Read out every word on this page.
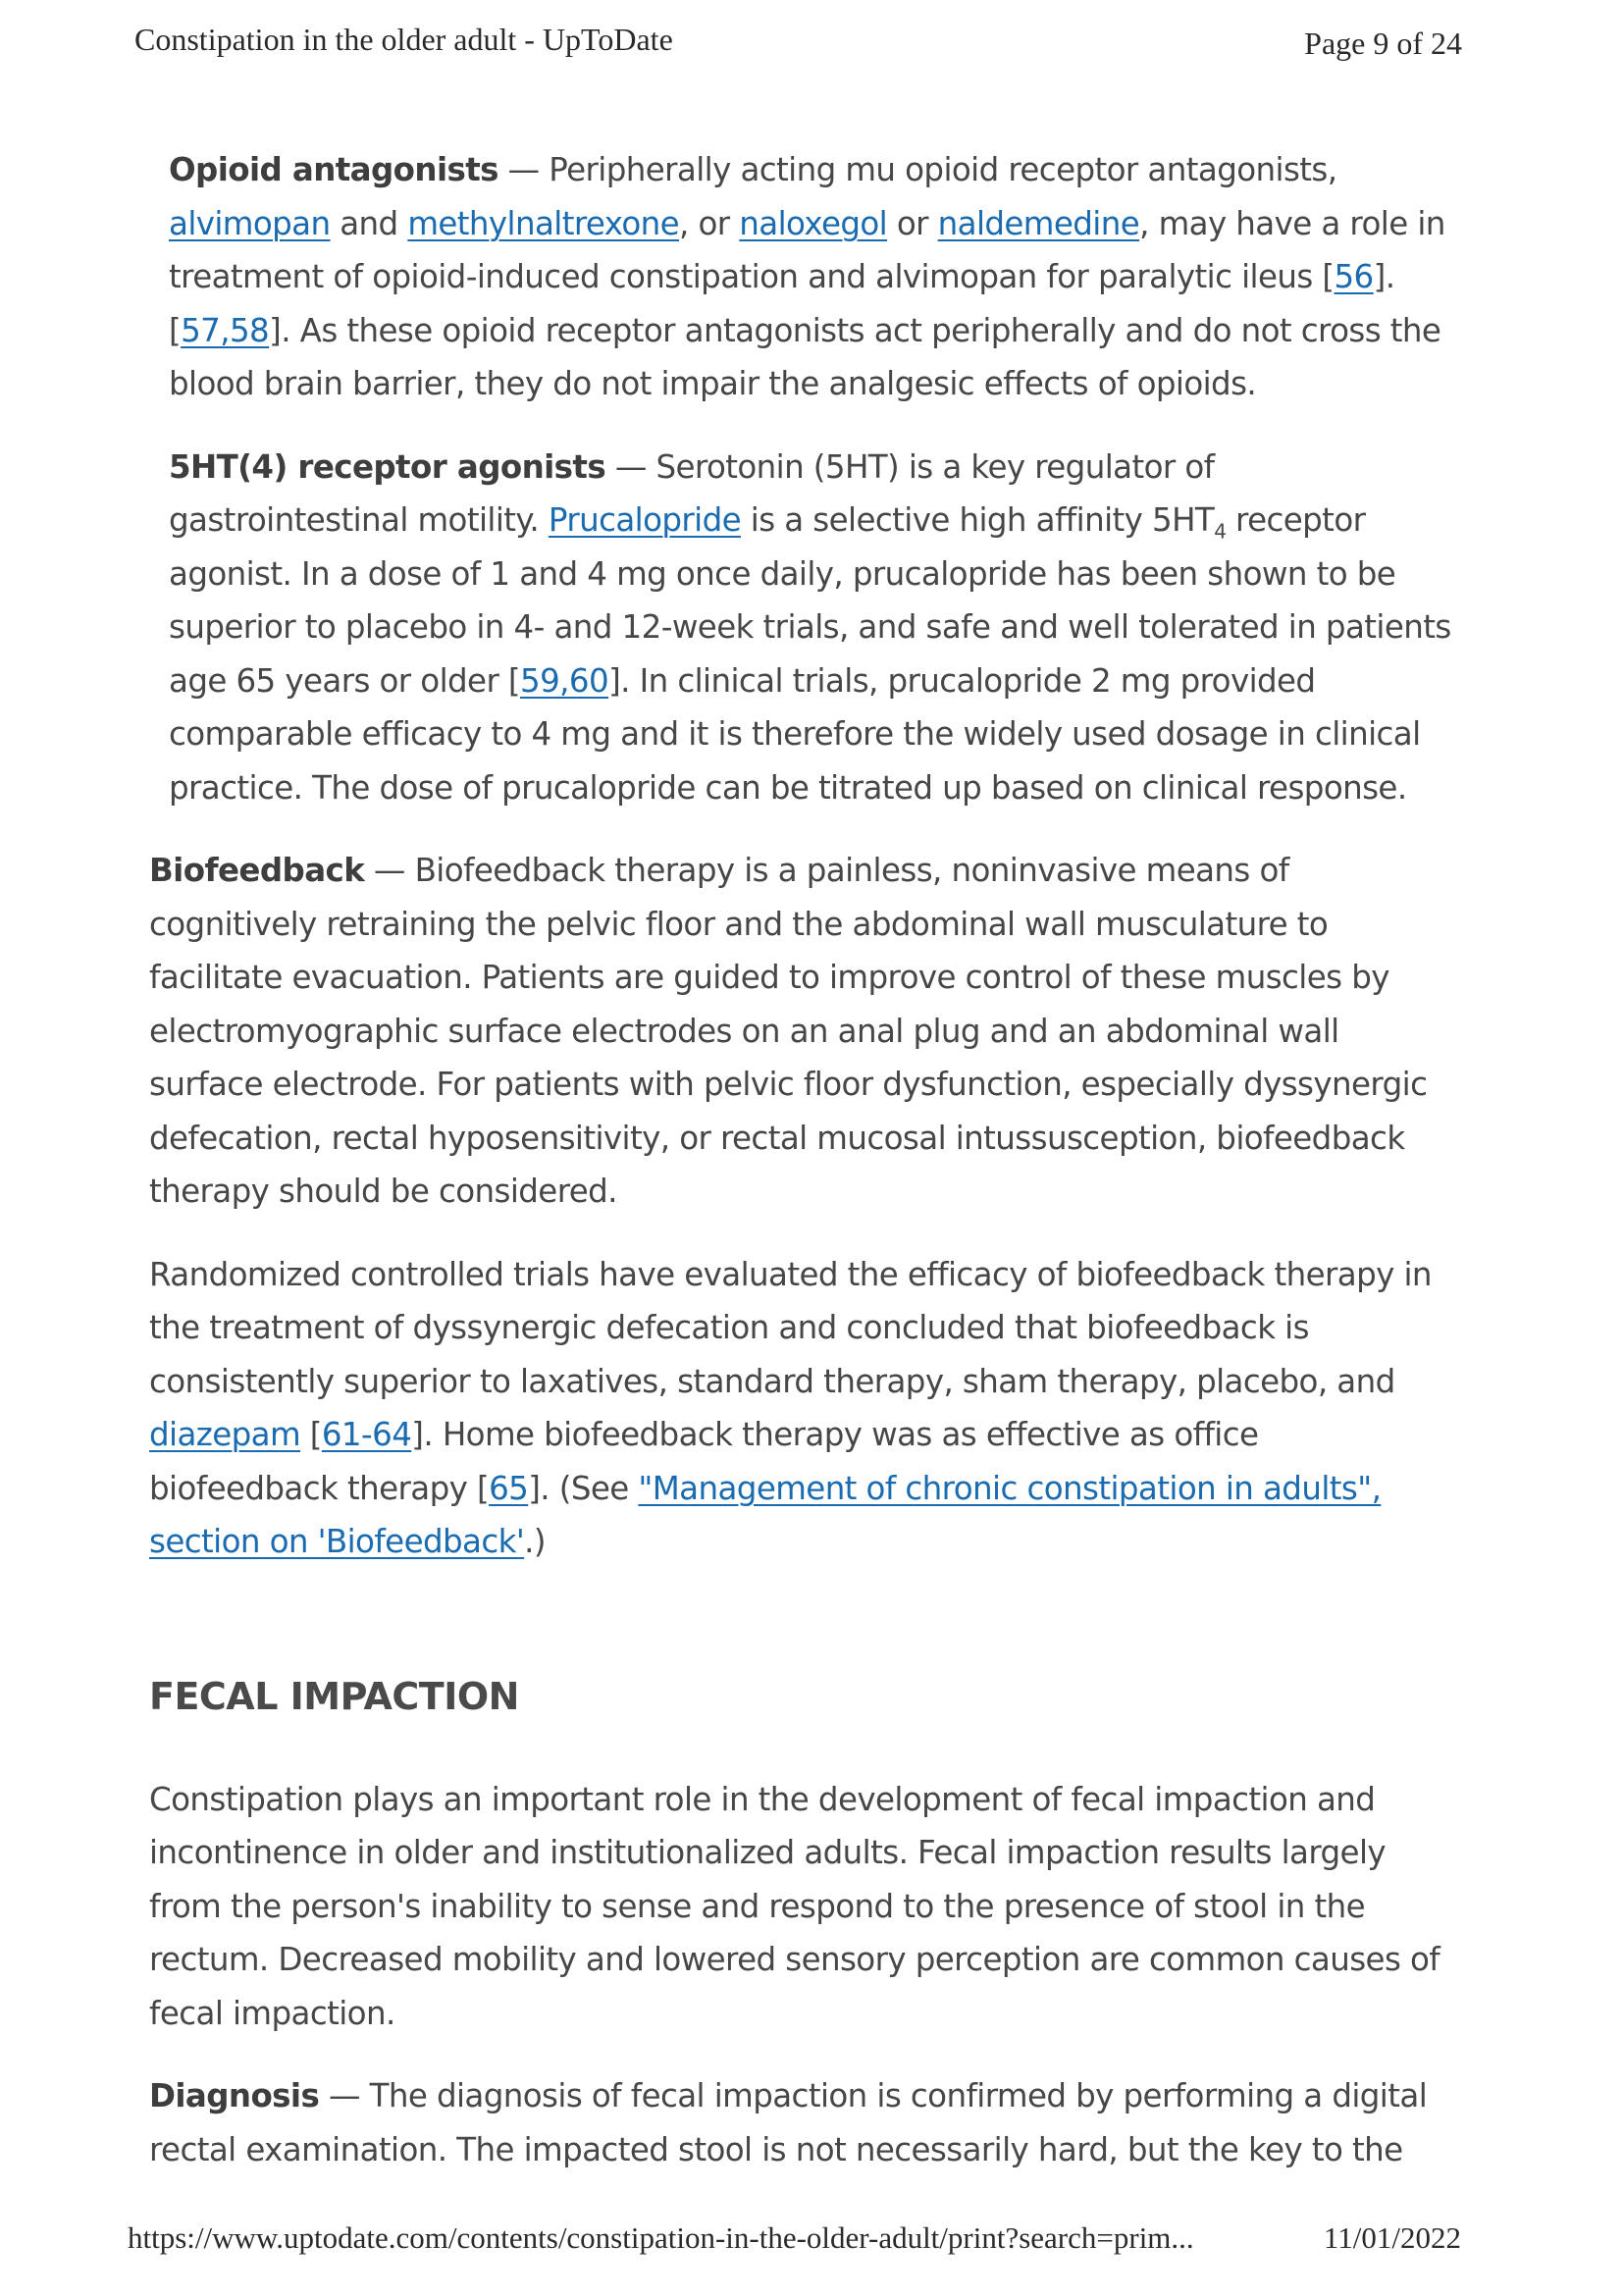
Constipation in the older adult - UpToDate	Page 9 of 24

Opioid antagonists — Peripherally acting mu opioid receptor antagonists, alvimopan and methylnaltrexone, or naloxegol or naldemedine, may have a role in treatment of opioid-induced constipation and alvimopan for paralytic ileus [56]. [57,58]. As these opioid receptor antagonists act peripherally and do not cross the blood brain barrier, they do not impair the analgesic effects of opioids.

5HT(4) receptor agonists — Serotonin (5HT) is a key regulator of gastrointestinal motility. Prucalopride is a selective high affinity $5HT_4$ receptor agonist. In a dose of 1 and 4 mg once daily, prucalopride has been shown to be superior to placebo in 4- and 12-week trials, and safe and well tolerated in patients age 65 years or older [59,60]. In clinical trials, prucalopride 2 mg provided comparable efficacy to 4 mg and it is therefore the widely used dosage in clinical practice. The dose of prucalopride can be titrated up based on clinical response.

Biofeedback — Biofeedback therapy is a painless, noninvasive means of cognitively retraining the pelvic floor and the abdominal wall musculature to facilitate evacuation. Patients are guided to improve control of these muscles by electromyographic surface electrodes on an anal plug and an abdominal wall surface electrode. For patients with pelvic floor dysfunction, especially dyssynergic defecation, rectal hyposensitivity, or rectal mucosal intussusception, biofeedback therapy should be considered.

Randomized controlled trials have evaluated the efficacy of biofeedback therapy in the treatment of dyssynergic defecation and concluded that biofeedback is consistently superior to laxatives, standard therapy, sham therapy, placebo, and diazepam [61-64]. Home biofeedback therapy was as effective as office biofeedback therapy [65]. (See "Management of chronic constipation in adults", section on 'Biofeedback'.)

FECAL IMPACTION

Constipation plays an important role in the development of fecal impaction and incontinence in older and institutionalized adults. Fecal impaction results largely from the person's inability to sense and respond to the presence of stool in the rectum. Decreased mobility and lowered sensory perception are common causes of fecal impaction.

Diagnosis — The diagnosis of fecal impaction is confirmed by performing a digital rectal examination. The impacted stool is not necessarily hard, but the key to the

https://www.uptodate.com/contents/constipation-in-the-older-adult/print?search=prim...	11/01/2022
